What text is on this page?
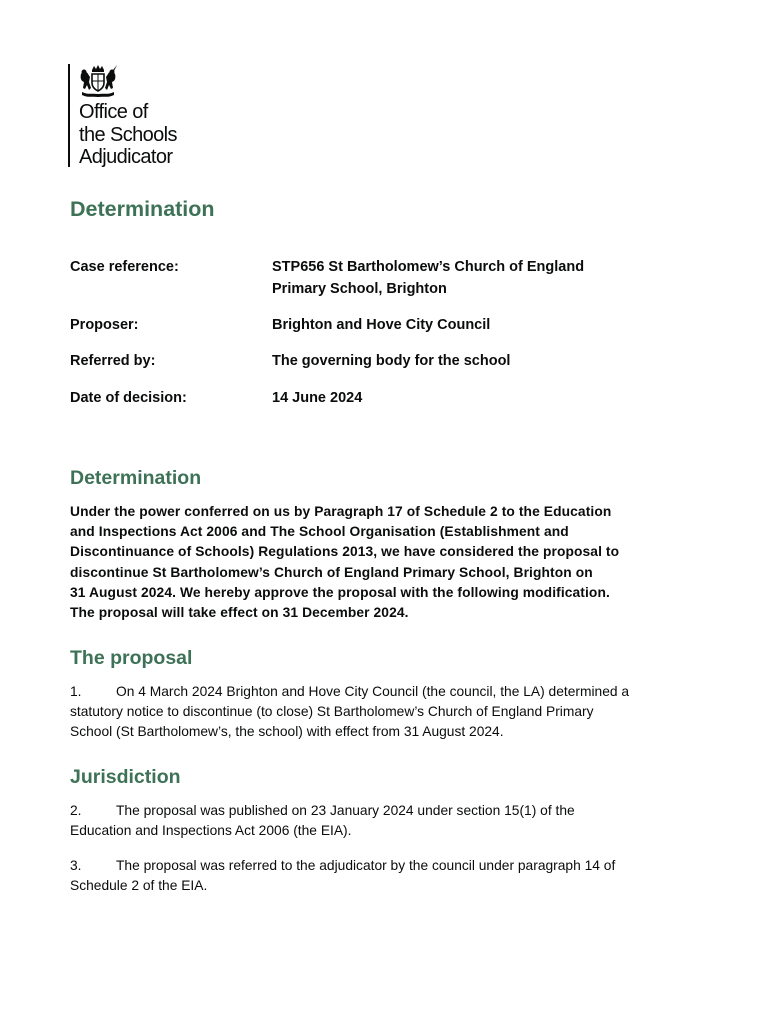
Office of
the Schools
Adjudicator
Determination
Case reference:	STP656 St Bartholomew’s Church of England
Primary School, Brighton
Proposer:	Brighton and Hove City Council
Referred by:	The governing body for the school
Date of decision:	14 June 2024
Determination
Under the power conferred on us by Paragraph 17 of Schedule 2 to the Education
and Inspections Act 2006 and The School Organisation (Establishment and
Discontinuance of Schools) Regulations 2013, we have considered the proposal to
discontinue St Bartholomew’s Church of England Primary School, Brighton on
31 August 2024. We hereby approve the proposal with the following modification.
The proposal will take effect on 31 December 2024.
The proposal
1. On 4 March 2024 Brighton and Hove City Council (the council, the LA) determined a
statutory notice to discontinue (to close) St Bartholomew’s Church of England Primary
School (St Bartholomew’s, the school) with effect from 31 August 2024.
Jurisdiction
2. The proposal was published on 23 January 2024 under section 15(1) of the
Education and Inspections Act 2006 (the EIA).
3. The proposal was referred to the adjudicator by the council under paragraph 14 of
Schedule 2 of the EIA.
